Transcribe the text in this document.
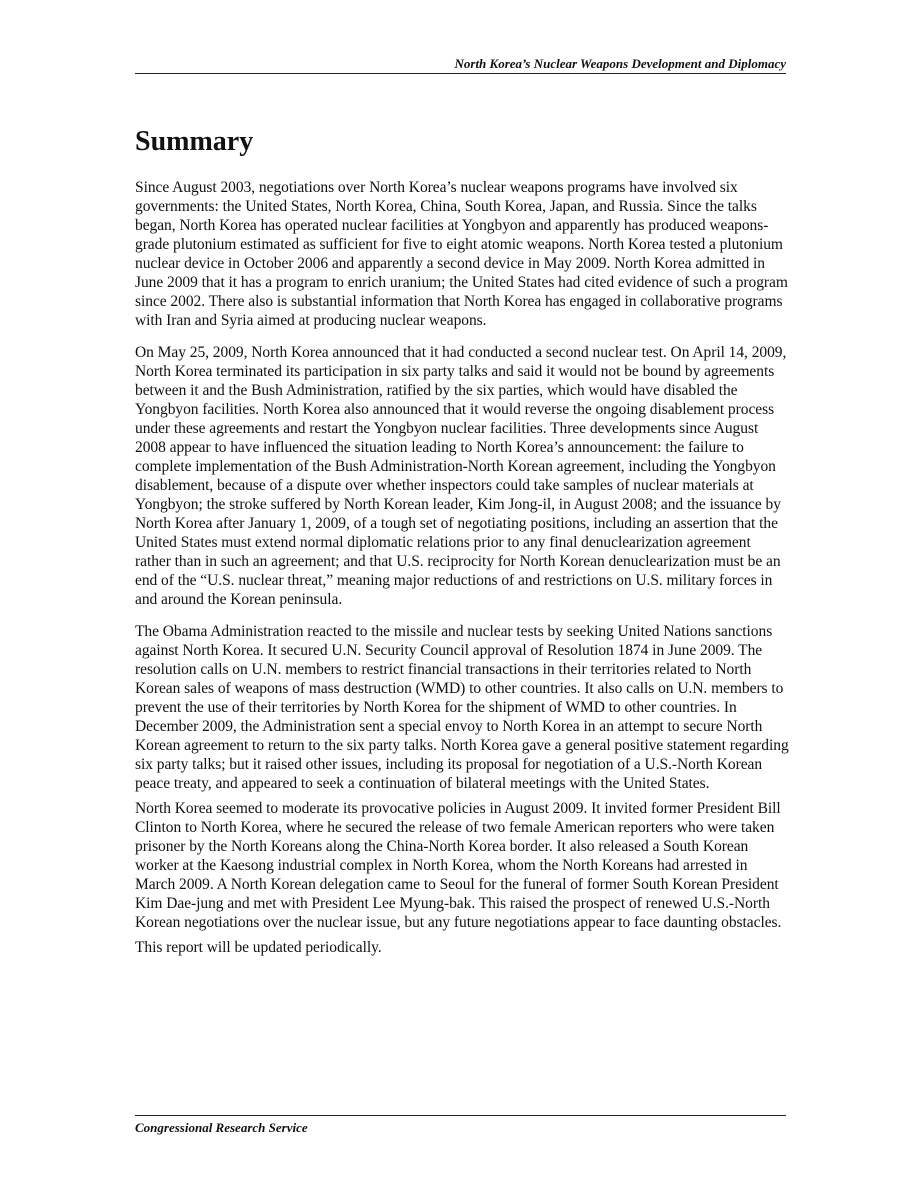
North Korea’s Nuclear Weapons Development and Diplomacy
Summary

Since August 2003, negotiations over North Korea’s nuclear weapons programs have involved six governments: the United States, North Korea, China, South Korea, Japan, and Russia. Since the talks began, North Korea has operated nuclear facilities at Yongbyon and apparently has produced weapons-grade plutonium estimated as sufficient for five to eight atomic weapons. North Korea tested a plutonium nuclear device in October 2006 and apparently a second device in May 2009. North Korea admitted in June 2009 that it has a program to enrich uranium; the United States had cited evidence of such a program since 2002. There also is substantial information that North Korea has engaged in collaborative programs with Iran and Syria aimed at producing nuclear weapons.

On May 25, 2009, North Korea announced that it had conducted a second nuclear test. On April 14, 2009, North Korea terminated its participation in six party talks and said it would not be bound by agreements between it and the Bush Administration, ratified by the six parties, which would have disabled the Yongbyon facilities. North Korea also announced that it would reverse the ongoing disablement process under these agreements and restart the Yongbyon nuclear facilities. Three developments since August 2008 appear to have influenced the situation leading to North Korea’s announcement: the failure to complete implementation of the Bush Administration-North Korean agreement, including the Yongbyon disablement, because of a dispute over whether inspectors could take samples of nuclear materials at Yongbyon; the stroke suffered by North Korean leader, Kim Jong-il, in August 2008; and the issuance by North Korea after January 1, 2009, of a tough set of negotiating positions, including an assertion that the United States must extend normal diplomatic relations prior to any final denuclearization agreement rather than in such an agreement; and that U.S. reciprocity for North Korean denuclearization must be an end of the “U.S. nuclear threat,” meaning major reductions of and restrictions on U.S. military forces in and around the Korean peninsula.

The Obama Administration reacted to the missile and nuclear tests by seeking United Nations sanctions against North Korea. It secured U.N. Security Council approval of Resolution 1874 in June 2009. The resolution calls on U.N. members to restrict financial transactions in their territories related to North Korean sales of weapons of mass destruction (WMD) to other countries. It also calls on U.N. members to prevent the use of their territories by North Korea for the shipment of WMD to other countries. In December 2009, the Administration sent a special envoy to North Korea in an attempt to secure North Korean agreement to return to the six party talks. North Korea gave a general positive statement regarding six party talks; but it raised other issues, including its proposal for negotiation of a U.S.-North Korean peace treaty, and appeared to seek a continuation of bilateral meetings with the United States.

North Korea seemed to moderate its provocative policies in August 2009. It invited former President Bill Clinton to North Korea, where he secured the release of two female American reporters who were taken prisoner by the North Koreans along the China-North Korea border. It also released a South Korean worker at the Kaesong industrial complex in North Korea, whom the North Koreans had arrested in March 2009. A North Korean delegation came to Seoul for the funeral of former South Korean President Kim Dae-jung and met with President Lee Myung-bak. This raised the prospect of renewed U.S.-North Korean negotiations over the nuclear issue, but any future negotiations appear to face daunting obstacles.

This report will be updated periodically.

Congressional Research Service
